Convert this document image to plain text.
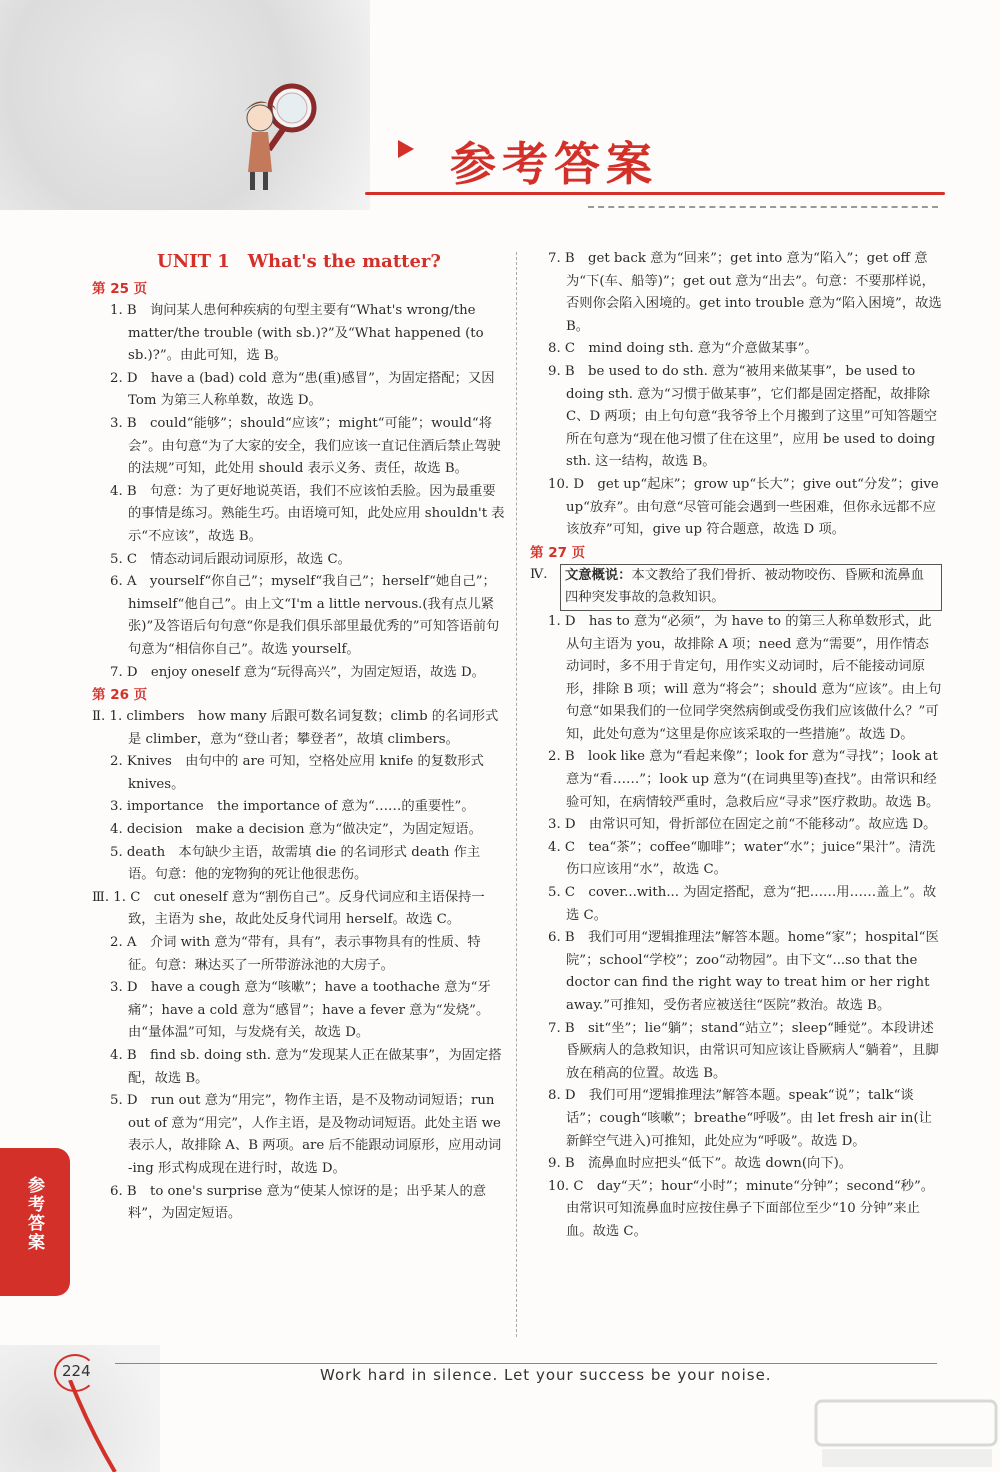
参考答案
UNIT 1　What's the matter?
第 25 页

1. B　询问某人患何种疾病的句型主要有“What's wrong/the matter/the trouble (with sb.)?”及“What happened (to sb.)?”。由此可知，选 B。

2. D　have a (bad) cold 意为“患(重)感冒”，为固定搭配；又因 Tom 为第三人称单数，故选 D。

3. B　could“能够”；should“应该”；might“可能”；would“将会”。由句意“为了大家的安全，我们应该一直记住酒后禁止驾驶的法规”可知，此处用 should 表示义务、责任，故选 B。

4. B　句意：为了更好地说英语，我们不应该怕丢脸。因为最重要的事情是练习。熟能生巧。由语境可知，此处应用 shouldn't 表示“不应该”，故选 B。

5. C　情态动词后跟动词原形，故选 C。

6. A　yourself“你自己”；myself“我自己”；herself“她自己”；himself“他自己”。由上文“I'm a little nervous.(我有点儿紧张)”及答语后句句意“你是我们俱乐部里最优秀的”可知答语前句句意为“相信你自己”。故选 yourself。

7. D　enjoy oneself 意为“玩得高兴”，为固定短语，故选 D。

第 26 页

Ⅱ. 1. climbers　how many 后跟可数名词复数；climb 的名词形式是 climber，意为“登山者；攀登者”，故填 climbers。

2. Knives　由句中的 are 可知，空格处应用 knife 的复数形式 knives。

3. importance　the importance of 意为“……的重要性”。

4. decision　make a decision 意为“做决定”，为固定短语。

5. death　本句缺少主语，故需填 die 的名词形式 death 作主语。句意：他的宠物狗的死让他很悲伤。

Ⅲ. 1. C　cut oneself 意为“割伤自己”。反身代词应和主语保持一致，主语为 she，故此处反身代词用 herself。故选 C。

2. A　介词 with 意为“带有，具有”，表示事物具有的性质、特征。句意：琳达买了一所带游泳池的大房子。

3. D　have a cough 意为“咳嗽”；have a toothache 意为“牙痛”；have a cold 意为“感冒”；have a fever 意为“发烧”。由“量体温”可知，与发烧有关，故选 D。

4. B　find sb. doing sth. 意为“发现某人正在做某事”，为固定搭配，故选 B。

5. D　run out 意为“用完”，物作主语，是不及物动词短语；run out of 意为“用完”，人作主语，是及物动词短语。此处主语 we 表示人，故排除 A、B 两项。are 后不能跟动词原形，应用动词 -ing 形式构成现在进行时，故选 D。

6. B　to one's surprise 意为“使某人惊讶的是；出乎某人的意料”，为固定短语。

7. B　get back 意为“回来”；get into 意为“陷入”；get off 意为“下(车、船等)”；get out 意为“出去”。句意：不要那样说，否则你会陷入困境的。get into trouble 意为“陷入困境”，故选 B。

8. C　mind doing sth. 意为“介意做某事”。

9. B　be used to do sth. 意为“被用来做某事”，be used to doing sth. 意为“习惯于做某事”，它们都是固定搭配，故排除 C、D 两项；由上句句意“我爷爷上个月搬到了这里”可知答题空所在句意为“现在他习惯了住在这里”，应用 be used to doing sth. 这一结构，故选 B。

10. D　get up“起床”；grow up“长大”；give out“分发”；give up“放弃”。由句意“尽管可能会遇到一些困难，但你永远都不应该放弃”可知，give up 符合题意，故选 D 项。

第 27 页
Ⅳ.	文意概说：本文教给了我们骨折、被动物咬伤、昏厥和流鼻血四种突发事故的急救知识。

1. D　has to 意为“必须”，为 have to 的第三人称单数形式，此从句主语为 you，故排除 A 项；need 意为“需要”，用作情态动词时，多不用于肯定句，用作实义动词时，后不能接动词原形，排除 B 项；will 意为“将会”；should 意为“应该”。由上句句意“如果我们的一位同学突然病倒或受伤我们应该做什么？”可知，此处句意为“这里是你应该采取的一些措施”。故选 D。

2. B　look like 意为“看起来像”；look for 意为“寻找”；look at 意为“看……”；look up 意为“(在词典里等)查找”。由常识和经验可知，在病情较严重时，急救后应“寻求”医疗救助。故选 B。

3. D　由常识可知，骨折部位在固定之前“不能移动”。故应选 D。

4. C　tea“茶”；coffee“咖啡”；water“水”；juice“果汁”。清洗伤口应该用“水”，故选 C。

5. C　cover...with... 为固定搭配，意为“把……用……盖上”。故选 C。

6. B　我们可用“逻辑推理法”解答本题。home“家”；hospital“医院”；school“学校”；zoo“动物园”。由下文“...so that the doctor can find the right way to treat him or her right away.”可推知，受伤者应被送往“医院”救治。故选 B。

7. B　sit“坐”；lie“躺”；stand“站立”；sleep“睡觉”。本段讲述昏厥病人的急救知识，由常识可知应该让昏厥病人“躺着”，且脚放在稍高的位置。故选 B。

8. D　我们可用“逻辑推理法”解答本题。speak“说”；talk“谈话”；cough“咳嗽”；breathe“呼吸”。由 let fresh air in(让新鲜空气进入)可推知，此处应为“呼吸”。故选 D。

9. B　流鼻血时应把头“低下”。故选 down(向下)。

10. C　day“天”；hour“小时”；minute“分钟”；second“秒”。由常识可知流鼻血时应按住鼻子下面部位至少“10 分钟”来止血。故选 C。

参考答案
224	Work hard in silence. Let your success be your noise.
